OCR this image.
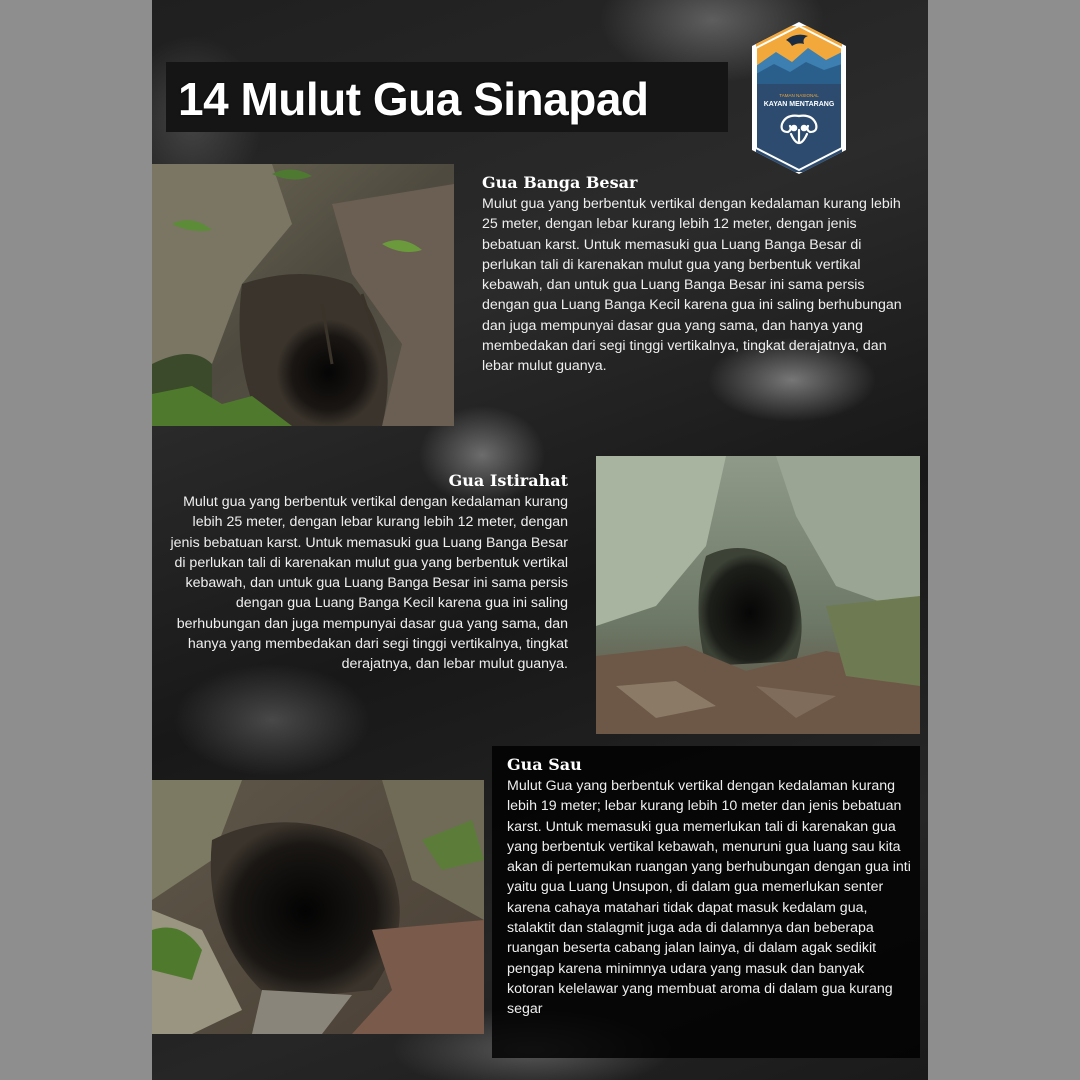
14 Mulut Gua Sinapad	TAMAN NASIONAL
KAYAN MENTARANG
Gua Banga Besar
Mulut gua yang berbentuk vertikal dengan kedalaman kurang lebih 25 meter, dengan lebar kurang lebih 12 meter, dengan jenis bebatuan karst. Untuk memasuki gua Luang Banga Besar di perlukan tali di karenakan mulut gua yang berbentuk vertikal kebawah, dan untuk gua Luang Banga Besar ini sama persis dengan gua Luang Banga Kecil karena gua ini saling berhubungan dan juga mempunyai dasar gua yang sama, dan hanya yang membedakan dari segi tinggi vertikalnya, tingkat derajatnya, dan lebar mulut guanya.
Gua Istirahat
Mulut gua yang berbentuk vertikal dengan kedalaman kurang lebih 25 meter, dengan lebar kurang lebih 12 meter, dengan jenis bebatuan karst. Untuk memasuki gua Luang Banga Besar di perlukan tali di karenakan mulut gua yang berbentuk vertikal kebawah, dan untuk gua Luang Banga Besar ini sama persis dengan gua Luang Banga Kecil karena gua ini saling berhubungan dan juga mempunyai dasar gua yang sama, dan hanya yang membedakan dari segi tinggi vertikalnya, tingkat derajatnya, dan lebar mulut guanya.
Gua Sau
Mulut Gua yang berbentuk vertikal dengan kedalaman kurang lebih 19 meter; lebar kurang lebih 10 meter dan jenis bebatuan karst. Untuk memasuki gua memerlukan tali di karenakan gua yang berbentuk vertikal kebawah, menuruni gua luang sau kita akan di pertemukan ruangan yang berhubungan dengan gua inti yaitu gua Luang Unsupon, di dalam gua memerlukan senter karena cahaya matahari tidak dapat masuk kedalam gua, stalaktit dan stalagmit juga ada di dalamnya dan beberapa ruangan beserta cabang jalan lainya, di dalam agak sedikit pengap karena minimnya udara yang masuk dan banyak kotoran kelelawar yang membuat aroma di dalam gua kurang segar
